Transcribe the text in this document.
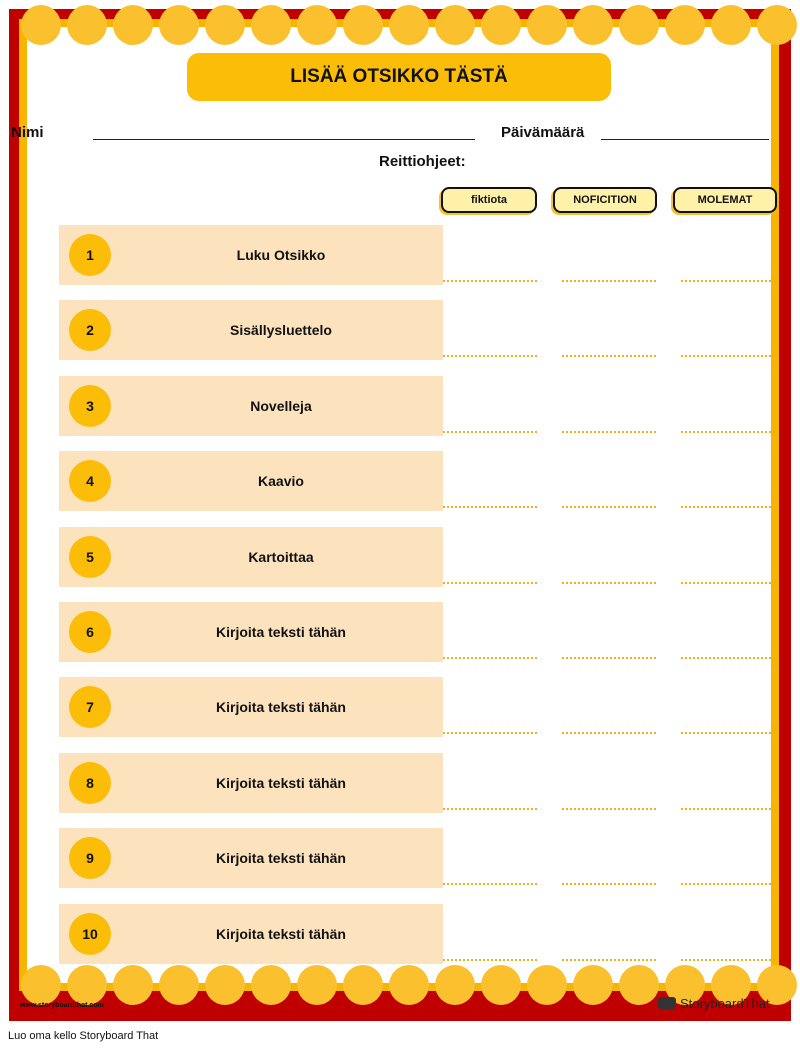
LISÄÄ OTSIKKO TÄSTÄ
Nimi	Päivämäärä
Reittiohjeet:
fiktiota	NOFICITION	MOLEMAT
1	Luku Otsikko
2	Sisällysluettelo
3	Novelleja
4	Kaavio
5	Kartoittaa
6	Kirjoita teksti tähän
7	Kirjoita teksti tähän
8	Kirjoita teksti tähän
9	Kirjoita teksti tähän
10	Kirjoita teksti tähän
www.storyboardthat.com	StoryboardThat
Luo oma kello Storyboard That
